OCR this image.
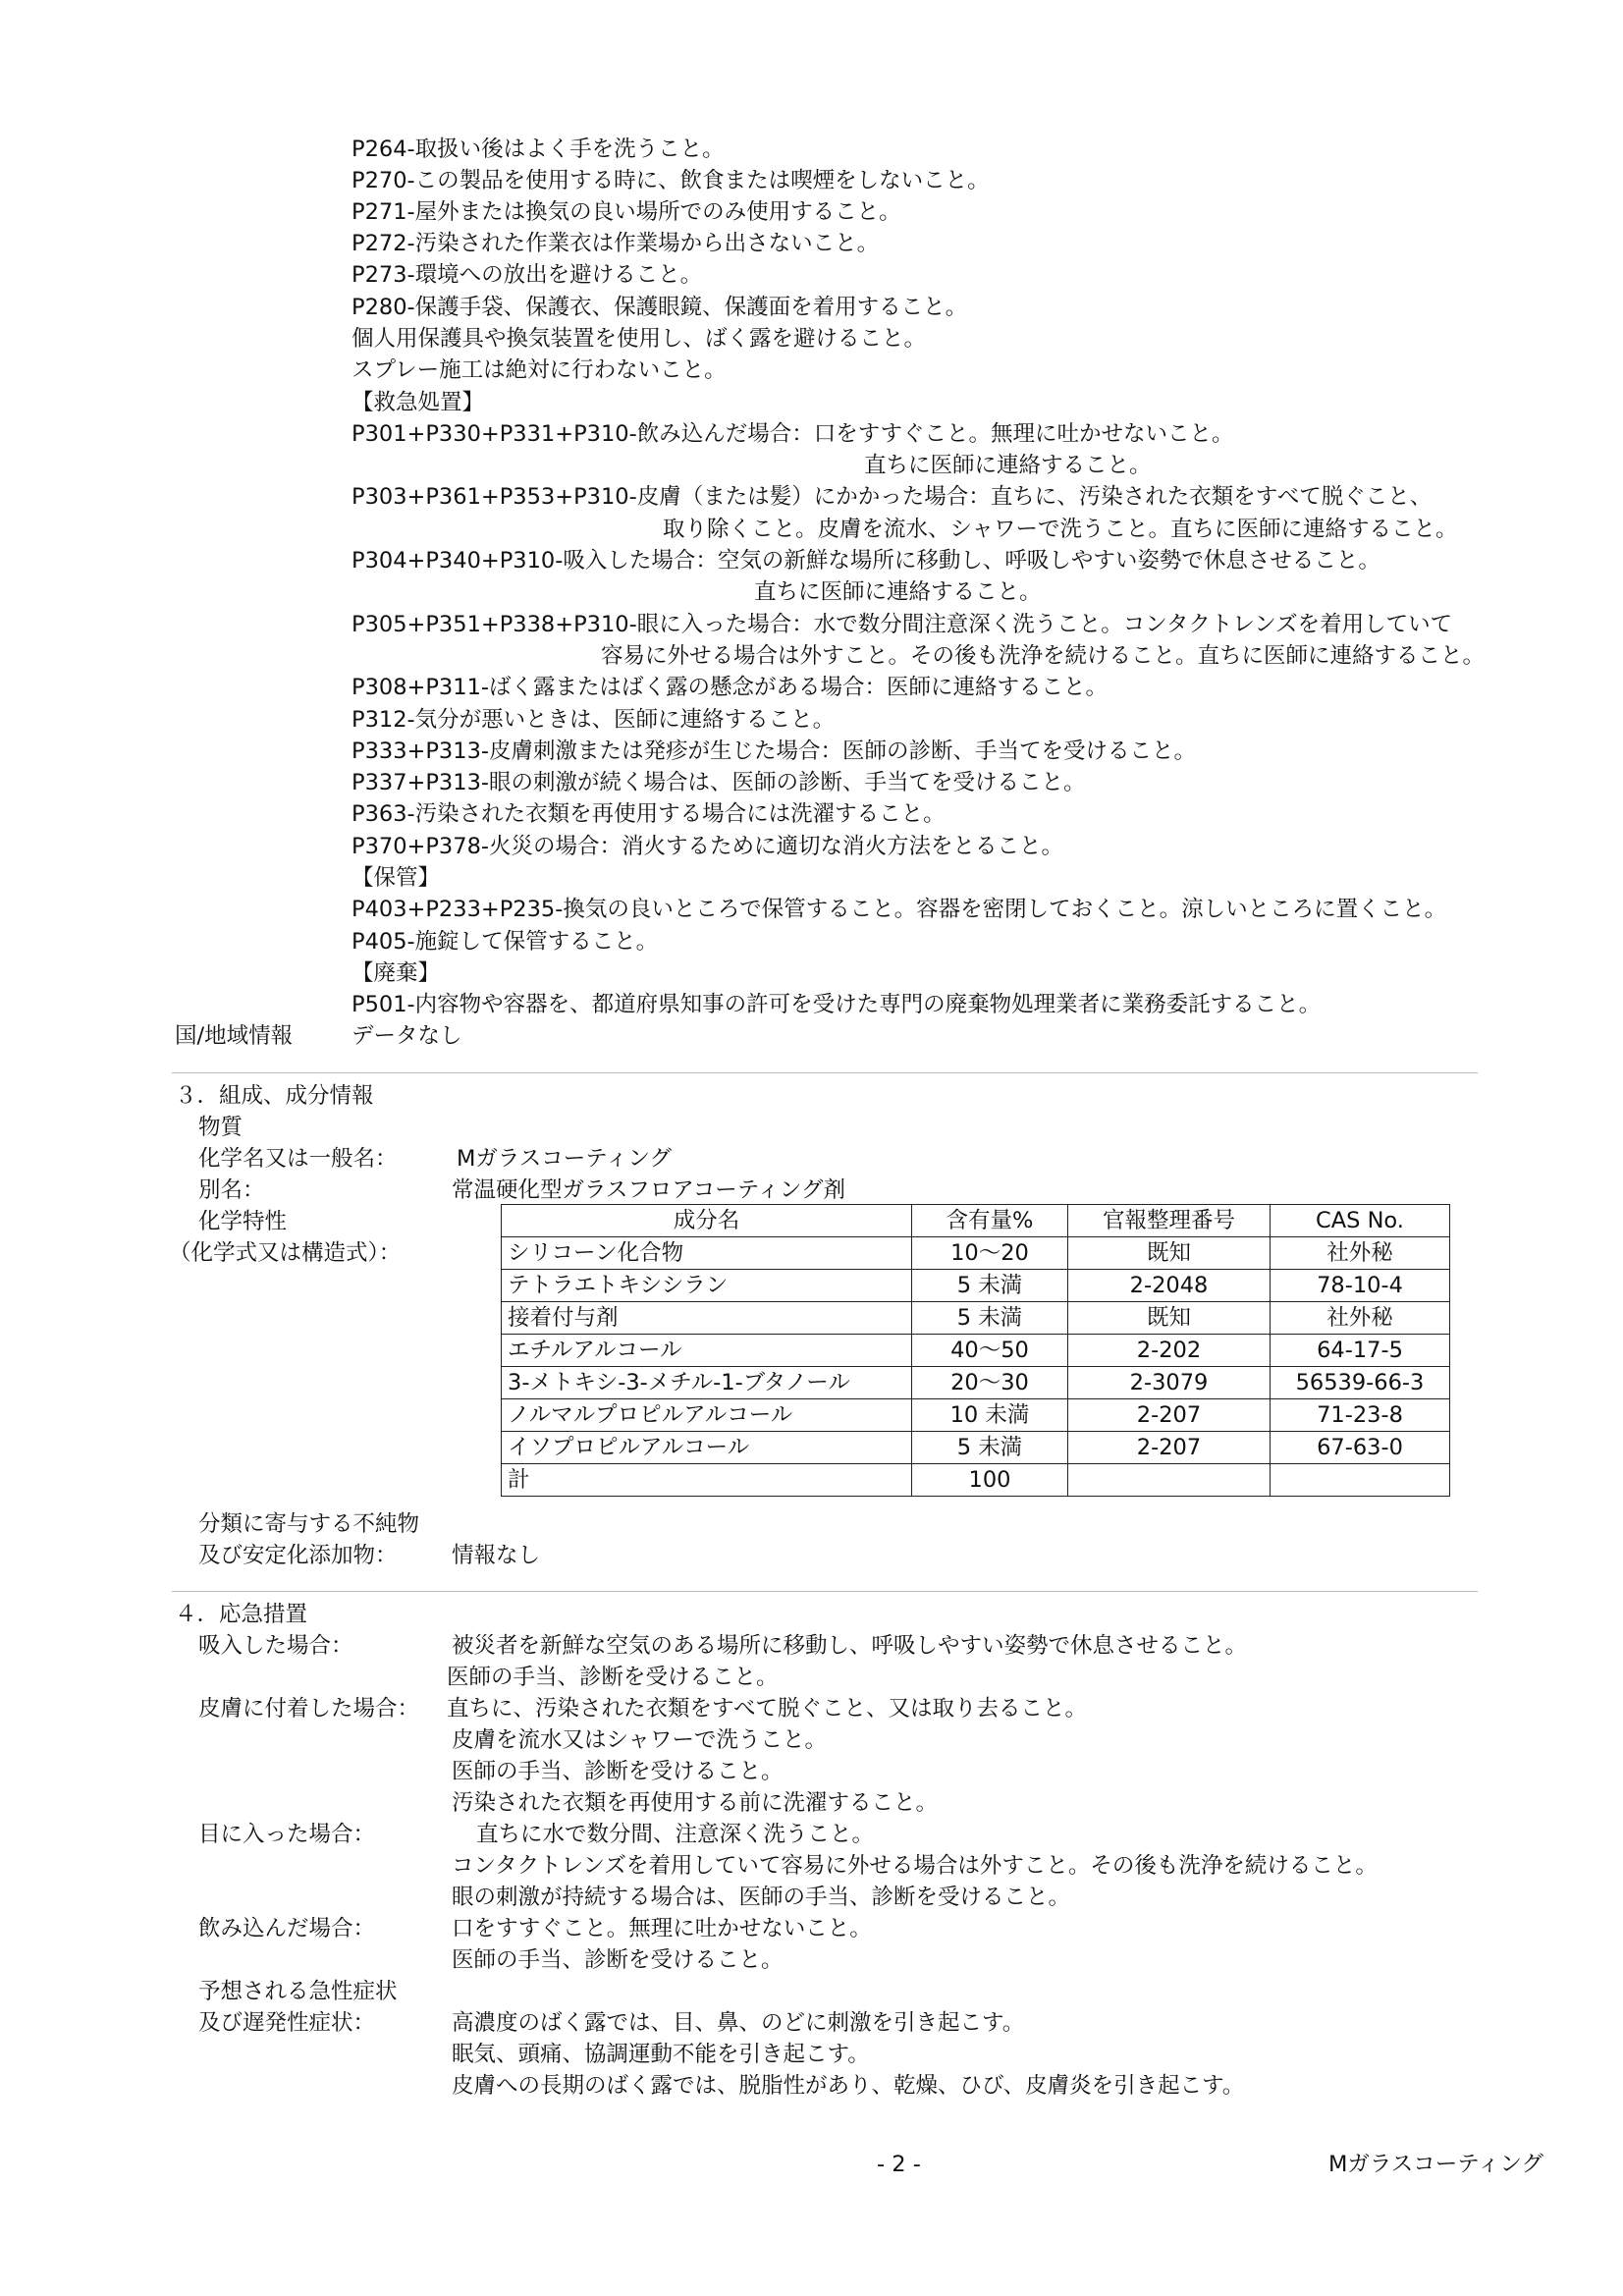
P264-取扱い後はよく手を洗うこと。
P270-この製品を使用する時に、飲食または喫煙をしないこと。
P271-屋外または換気の良い場所でのみ使用すること。
P272-汚染された作業衣は作業場から出さないこと。
P273-環境への放出を避けること。
P280-保護手袋、保護衣、保護眼鏡、保護面を着用すること。
個人用保護具や換気装置を使用し、ばく露を避けること。
スプレー施工は絶対に行わないこと。
【救急処置】
P301+P330+P331+P310-飲み込んだ場合：口をすすぐこと。無理に吐かせないこと。
直ちに医師に連絡すること。
P303+P361+P353+P310-皮膚（または髪）にかかった場合：直ちに、汚染された衣類をすべて脱ぐこと、
取り除くこと。皮膚を流水、シャワーで洗うこと。直ちに医師に連絡すること。
P304+P340+P310-吸入した場合：空気の新鮮な場所に移動し、呼吸しやすい姿勢で休息させること。
直ちに医師に連絡すること。
P305+P351+P338+P310-眼に入った場合：水で数分間注意深く洗うこと。コンタクトレンズを着用していて
容易に外せる場合は外すこと。その後も洗浄を続けること。直ちに医師に連絡すること。
P308+P311-ばく露またはばく露の懸念がある場合：医師に連絡すること。
P312-気分が悪いときは、医師に連絡すること。
P333+P313-皮膚刺激または発疹が生じた場合：医師の診断、手当てを受けること。
P337+P313-眼の刺激が続く場合は、医師の診断、手当てを受けること。
P363-汚染された衣類を再使用する場合には洗濯すること。
P370+P378-火災の場合：消火するために適切な消火方法をとること。
【保管】
P403+P233+P235-換気の良いところで保管すること。容器を密閉しておくこと。涼しいところに置くこと。
P405-施錠して保管すること。
【廃棄】
P501-内容物や容器を、都道府県知事の許可を受けた専門の廃棄物処理業者に業務委託すること。
国/地域情報	データなし
３．組成、成分情報
物質
化学名又は一般名：	Mガラスコーティング
別名：	常温硬化型ガラスフロアコーティング剤
化学特性
（化学式又は構造式）：
成分名	含有量%	官報整理番号	CAS No.
シリコーン化合物	10～20	既知	社外秘
テトラエトキシシラン	5 未満	2-2048	78-10-4
接着付与剤	5 未満	既知	社外秘
エチルアルコール	40～50	2-202	64-17-5
3-メトキシ-3-メチル-1-ブタノール	20～30	2-3079	56539-66-3
ノルマルプロピルアルコール	10 未満	2-207	71-23-8
イソプロピルアルコール	5 未満	2-207	67-63-0
計	100		
分類に寄与する不純物
及び安定化添加物： 情報なし
４．応急措置
吸入した場合：	被災者を新鮮な空気のある場所に移動し、呼吸しやすい姿勢で休息させること。
医師の手当、診断を受けること。
皮膚に付着した場合： 直ちに、汚染された衣類をすべて脱ぐこと、又は取り去ること。
皮膚を流水又はシャワーで洗うこと。
医師の手当、診断を受けること。
汚染された衣類を再使用する前に洗濯すること。
目に入った場合：	直ちに水で数分間、注意深く洗うこと。
コンタクトレンズを着用していて容易に外せる場合は外すこと。その後も洗浄を続けること。
眼の刺激が持続する場合は、医師の手当、診断を受けること。
飲み込んだ場合：	口をすすぐこと。無理に吐かせないこと。
医師の手当、診断を受けること。
予想される急性症状
及び遅発性症状：	高濃度のばく露では、目、鼻、のどに刺激を引き起こす。
眠気、頭痛、協調運動不能を引き起こす。
皮膚への長期のばく露では、脱脂性があり、乾燥、ひび、皮膚炎を引き起こす。
- 2 -	Mガラスコーティング
